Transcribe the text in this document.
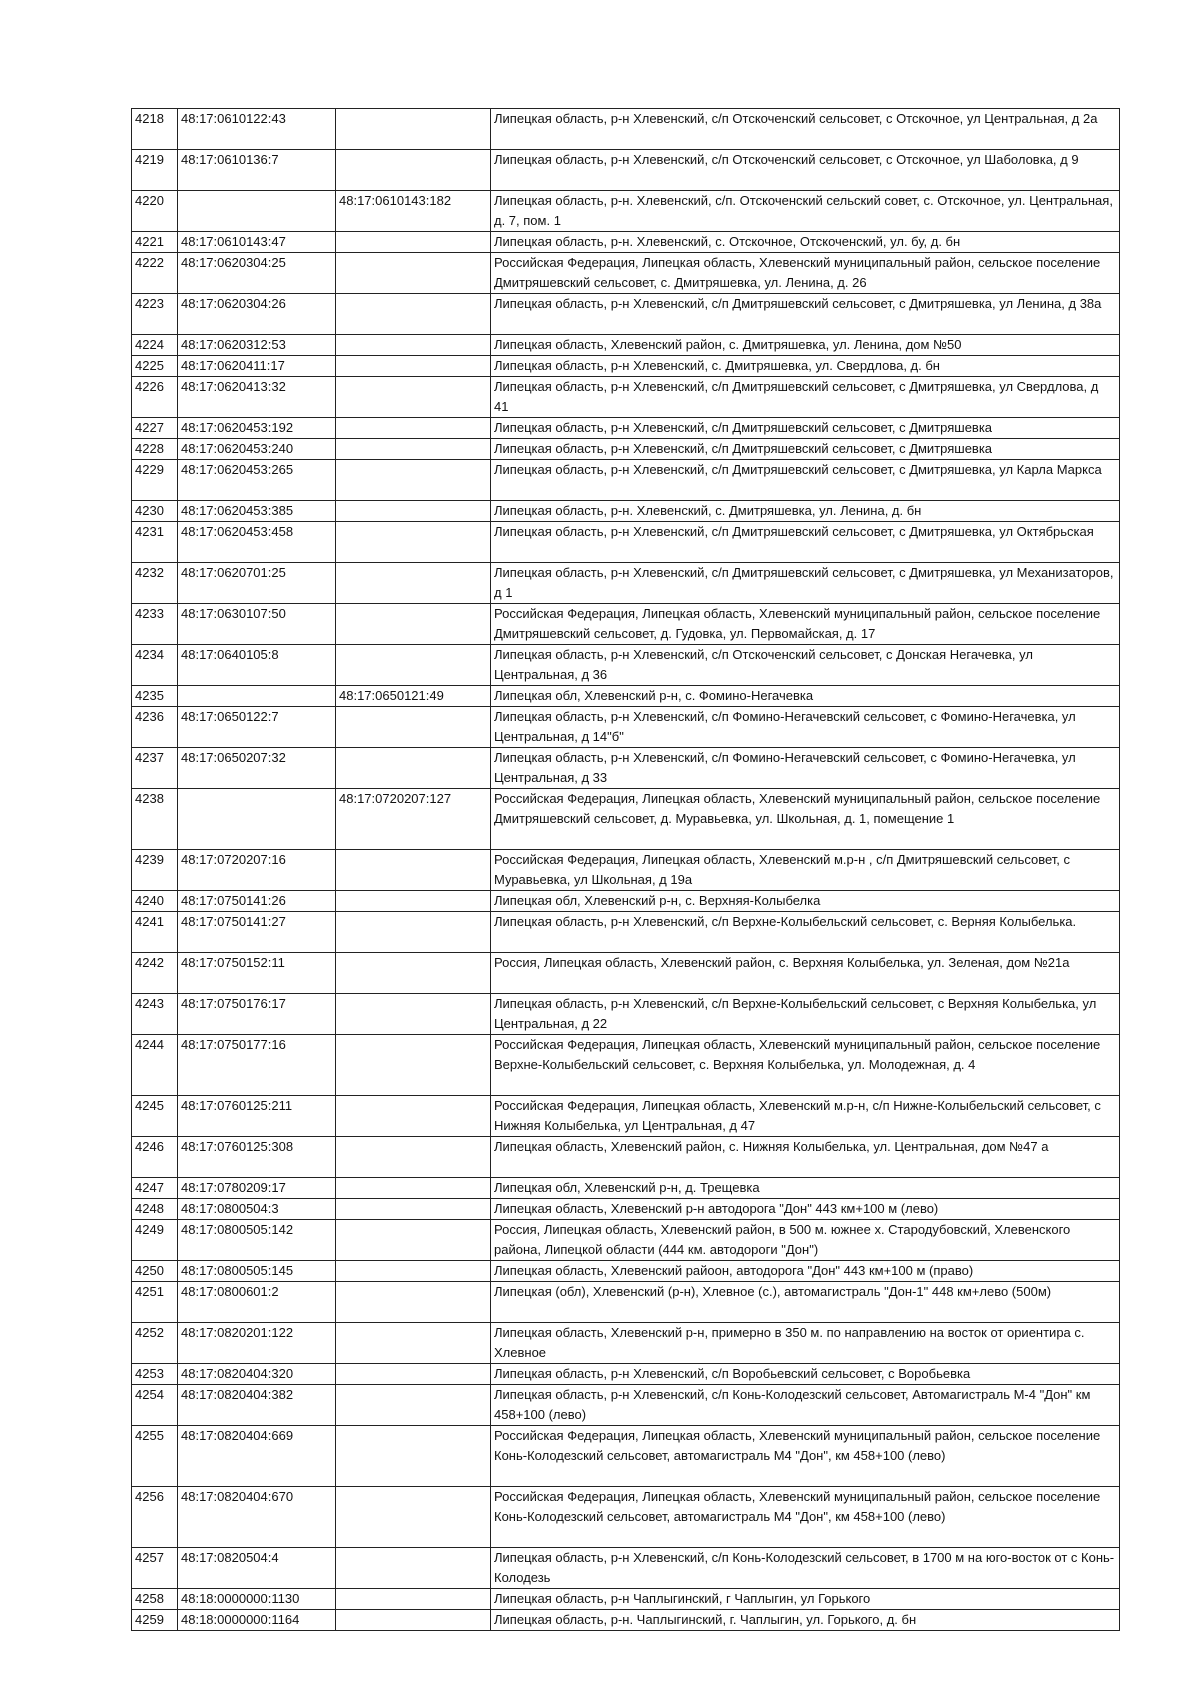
4218	48:17:0610122:43		Липецкая область, р-н Хлевенский, с/п Отскоченский сельсовет, с Отскочное, ул Центральная, д 2а
4219	48:17:0610136:7		Липецкая область, р-н Хлевенский, с/п Отскоченский сельсовет, с Отскочное, ул Шаболовка, д 9
4220		48:17:0610143:182	Липецкая область, р-н. Хлевенский, с/п. Отскоченский сельский совет, с. Отскочное, ул. Центральная, д. 7, пом. 1
4221	48:17:0610143:47		Липецкая область, р-н. Хлевенский, с. Отскочное, Отскоченский, ул. бу, д. бн
4222	48:17:0620304:25		Российская Федерация, Липецкая область, Хлевенский муниципальный район, сельское поселение Дмитряшевский сельсовет, с. Дмитряшевка, ул. Ленина, д. 26
4223	48:17:0620304:26		Липецкая область, р-н Хлевенский, с/п Дмитряшевский сельсовет, с Дмитряшевка, ул Ленина, д 38а
4224	48:17:0620312:53		Липецкая область, Хлевенский район, с. Дмитряшевка, ул. Ленина, дом №50
4225	48:17:0620411:17		Липецкая область, р-н Хлевенский, с. Дмитряшевка, ул. Свердлова, д. бн
4226	48:17:0620413:32		Липецкая область, р-н Хлевенский, с/п Дмитряшевский сельсовет, с Дмитряшевка, ул Свердлова, д 41
4227	48:17:0620453:192		Липецкая область, р-н Хлевенский, с/п Дмитряшевский сельсовет, с Дмитряшевка
4228	48:17:0620453:240		Липецкая область, р-н Хлевенский, с/п Дмитряшевский сельсовет, с Дмитряшевка
4229	48:17:0620453:265		Липецкая область, р-н Хлевенский, с/п Дмитряшевский сельсовет, с Дмитряшевка, ул Карла Маркса
4230	48:17:0620453:385		Липецкая область, р-н. Хлевенский, с. Дмитряшевка, ул. Ленина, д. бн
4231	48:17:0620453:458		Липецкая область, р-н Хлевенский, с/п Дмитряшевский сельсовет, с Дмитряшевка, ул Октябрьская
4232	48:17:0620701:25		Липецкая область, р-н Хлевенский, с/п Дмитряшевский сельсовет, с Дмитряшевка, ул Механизаторов, д 1
4233	48:17:0630107:50		Российская Федерация, Липецкая область, Хлевенский муниципальный район, сельское поселение Дмитряшевский сельсовет, д. Гудовка, ул. Первомайская, д. 17
4234	48:17:0640105:8		Липецкая область, р-н Хлевенский, с/п Отскоченский сельсовет, с Донская Негачевка, ул Центральная, д 36
4235		48:17:0650121:49	Липецкая обл, Хлевенский р-н, с. Фомино-Негачевка
4236	48:17:0650122:7		Липецкая область, р-н Хлевенский, с/п Фомино-Негачевский сельсовет, с Фомино-Негачевка, ул Центральная, д 14"б"
4237	48:17:0650207:32		Липецкая область, р-н Хлевенский, с/п Фомино-Негачевский сельсовет, с Фомино-Негачевка, ул Центральная, д 33
4238		48:17:0720207:127	Российская Федерация, Липецкая область, Хлевенский муниципальный район, сельское поселение Дмитряшевский сельсовет, д. Муравьевка, ул. Школьная, д. 1, помещение 1
4239	48:17:0720207:16		Российская Федерация, Липецкая область, Хлевенский м.р-н , с/п Дмитряшевский сельсовет, с Муравьевка, ул Школьная, д 19а
4240	48:17:0750141:26		Липецкая обл, Хлевенский р-н, с. Верхняя-Колыбелка
4241	48:17:0750141:27		Липецкая область, р-н Хлевенский, с/п Верхне-Колыбельский сельсовет, с. Верняя Колыбелька.
4242	48:17:0750152:11		Россия, Липецкая область, Хлевенский район, с. Верхняя Колыбелька, ул. Зеленая, дом №21а
4243	48:17:0750176:17		Липецкая область, р-н Хлевенский, с/п Верхне-Колыбельский сельсовет, с Верхняя Колыбелька, ул Центральная, д 22
4244	48:17:0750177:16		Российская Федерация, Липецкая область, Хлевенский муниципальный район, сельское поселение Верхне-Колыбельский сельсовет, с. Верхняя Колыбелька, ул. Молодежная, д. 4
4245	48:17:0760125:211		Российская Федерация, Липецкая область, Хлевенский м.р-н, с/п Нижне-Колыбельский сельсовет, с Нижняя Колыбелька, ул Центральная, д 47
4246	48:17:0760125:308		Липецкая область, Хлевенский район, с. Нижняя Колыбелька, ул. Центральная, дом №47 а
4247	48:17:0780209:17		Липецкая обл, Хлевенский р-н, д. Трещевка
4248	48:17:0800504:3		Липецкая область, Хлевенский р-н автодорога "Дон" 443 км+100 м (лево)
4249	48:17:0800505:142		Россия, Липецкая область, Хлевенский район, в 500 м. южнее х. Стародубовский, Хлевенского района, Липецкой области (444 км. автодороги "Дон")
4250	48:17:0800505:145		Липецкая область, Хлевенский райоон, автодорога "Дон" 443 км+100 м (право)
4251	48:17:0800601:2		Липецкая (обл), Хлевенский (р-н), Хлевное (с.), автомагистраль "Дон-1" 448 км+лево (500м)
4252	48:17:0820201:122		Липецкая область, Хлевенский р-н, примерно в 350 м. по направлению на восток от ориентира с. Хлевное
4253	48:17:0820404:320		Липецкая область, р-н Хлевенский, с/п Воробьевский сельсовет, с Воробьевка
4254	48:17:0820404:382		Липецкая область, р-н Хлевенский, с/п Конь-Колодезский сельсовет, Автомагистраль М-4 "Дон" км 458+100 (лево)
4255	48:17:0820404:669		Российская Федерация, Липецкая область, Хлевенский муниципальный район, сельское поселение Конь-Колодезский сельсовет, автомагистраль М4 "Дон", км 458+100 (лево)
4256	48:17:0820404:670		Российская Федерация, Липецкая область, Хлевенский муниципальный район, сельское поселение Конь-Колодезский сельсовет, автомагистраль М4 "Дон", км 458+100 (лево)
4257	48:17:0820504:4		Липецкая область, р-н Хлевенский, с/п Конь-Колодезский сельсовет, в 1700 м на юго-восток от с Конь-Колодезь
4258	48:18:0000000:1130		Липецкая область, р-н Чаплыгинский, г Чаплыгин, ул Горького
4259	48:18:0000000:1164		Липецкая область, р-н. Чаплыгинский, г. Чаплыгин, ул. Горького, д. бн
